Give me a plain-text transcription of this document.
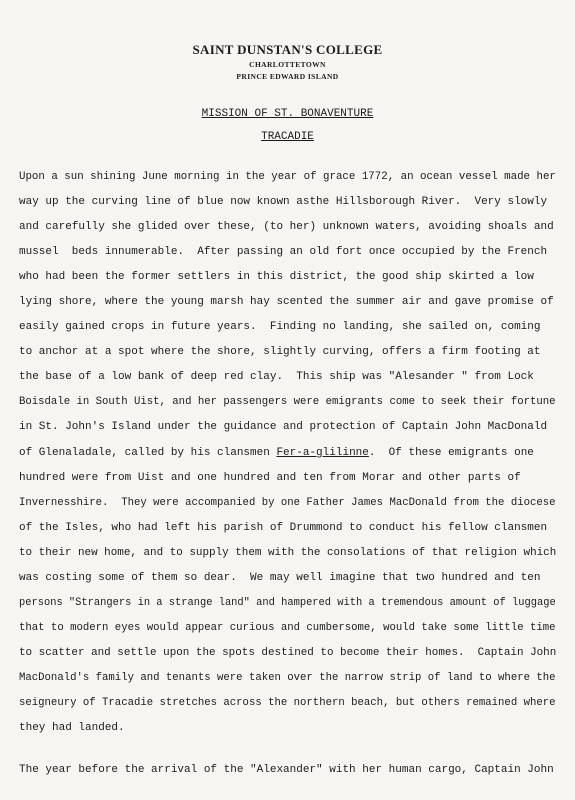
SAINT DUNSTAN'S COLLEGE
CHARLOTTETOWN
PRINCE EDWARD ISLAND
MISSION OF ST. BONAVENTURE
TRACADIE
Upon a sun shining June morning in the year of grace 1772, an ocean vessel made her
way up the curving line of blue now known asthe Hillsborough River.  Very slowly
and carefully she glided over these, (to her) unknown waters, avoiding shoals and
mussel  beds innumerable.  After passing an old fort once occupied by the French
who had been the former settlers in this district, the good ship skirted a low
lying shore, where the young marsh hay scented the summer air and gave promise of
easily gained crops in future years.  Finding no landing, she sailed on, coming
to anchor at a spot where the shore, slightly curving, offers a firm footing at
the base of a low bank of deep red clay.  This ship was "Alesander " from Lock
Boisdale in South Uist, and her passengers were emigrants come to seek their fortune
in St. John's Island under the guidance and protection of Captain John MacDonald
of Glenaladale, called by his clansmen Fer-a-glilinne.  Of these emigrants one
hundred were from Uist and one hundred and ten from Morar and other parts of
Invernesshire.  They were accompanied by one Father James MacDonald from the diocese
of the Isles, who had left his parish of Drummond to conduct his fellow clansmen
to their new home, and to supply them with the consolations of that religion which
was costing some of them so dear.  We may well imagine that two hundred and ten
persons "Strangers in a strange land" and hampered with a tremendous amount of luggage
that to modern eyes would appear curious and cumbersome, would take some little time
to scatter and settle upon the spots destined to become their homes.  Captain John
MacDonald's family and tenants were taken over the narrow strip of land to where the
seigneury of Tracadie stretches across the northern beach, but others remained where
they had landed.
The year before the arrival of the "Alexander" with her human cargo, Captain John
